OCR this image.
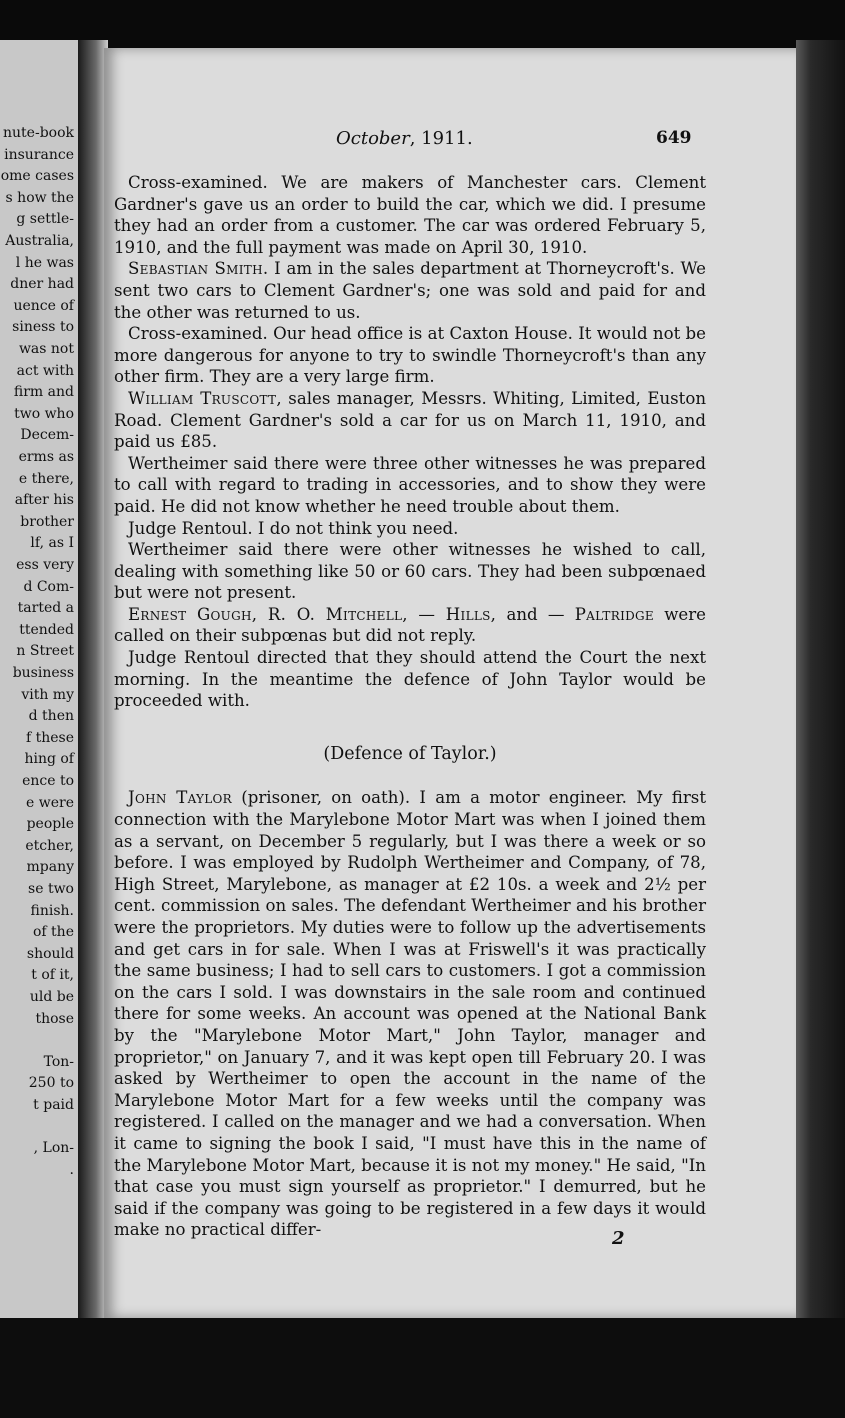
nute-book
insurance
ome cases
s how the
g settle-
Australia,
l he was
dner had
uence of
siness to
was not
act with
firm and
two who
Decem-
erms as
e there,
after his
brother
lf, as I
ess very
d Com-
tarted a
ttended
n Street
business
vith my
d then
f these
hing of
ence to
e were
people
etcher,
mpany
se two
finish.
of the
should
t of it,
uld be
those
Ton-
250 to
t paid
, Lon-
.
October, 1911.	649

Cross-examined. We are makers of Manchester cars. Clement Gardner's gave us an order to build the car, which we did. I presume they had an order from a customer. The car was ordered February 5, 1910, and the full payment was made on April 30, 1910.

Sebastian Smith. I am in the sales department at Thorneycroft's. We sent two cars to Clement Gardner's; one was sold and paid for and the other was returned to us.

Cross-examined. Our head office is at Caxton House. It would not be more dangerous for anyone to try to swindle Thorneycroft's than any other firm. They are a very large firm.

William Truscott, sales manager, Messrs. Whiting, Limited, Euston Road. Clement Gardner's sold a car for us on March 11, 1910, and paid us £85.

Wertheimer said there were three other witnesses he was prepared to call with regard to trading in accessories, and to show they were paid. He did not know whether he need trouble about them.

Judge Rentoul. I do not think you need.

Wertheimer said there were other witnesses he wished to call, dealing with something like 50 or 60 cars. They had been subpœnaed but were not present.

Ernest Gough, R. O. Mitchell, — Hills, and — Paltridge were called on their subpœnas but did not reply.

Judge Rentoul directed that they should attend the Court the next morning. In the meantime the defence of John Taylor would be proceeded with.

(Defence of Taylor.)

John Taylor (prisoner, on oath). I am a motor engineer. My first connection with the Marylebone Motor Mart was when I joined them as a servant, on December 5 regularly, but I was there a week or so before. I was employed by Rudolph Wertheimer and Company, of 78, High Street, Marylebone, as manager at £2 10s. a week and 2½ per cent. commission on sales. The defendant Wertheimer and his brother were the proprietors. My duties were to follow up the advertisements and get cars in for sale. When I was at Friswell's it was practically the same business; I had to sell cars to customers. I got a commission on the cars I sold. I was downstairs in the sale room and continued there for some weeks. An account was opened at the National Bank by the "Marylebone Motor Mart," John Taylor, manager and proprietor," on January 7, and it was kept open till February 20. I was asked by Wertheimer to open the account in the name of the Marylebone Motor Mart for a few weeks until the company was registered. I called on the manager and we had a conversation. When it came to signing the book I said, "I must have this in the name of the Marylebone Motor Mart, because it is not my money." He said, "In that case you must sign yourself as proprietor." I demurred, but he said if the company was going to be registered in a few days it would make no practical differ-	2
